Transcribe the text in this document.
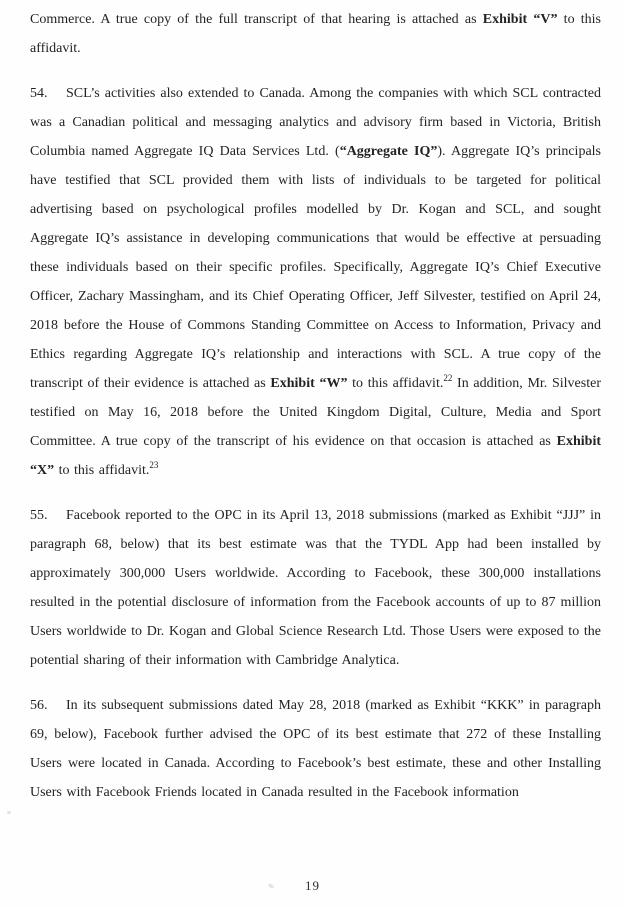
Commerce. A true copy of the full transcript of that hearing is attached as Exhibit “V” to this affidavit.

54. SCL’s activities also extended to Canada. Among the companies with which SCL contracted was a Canadian political and messaging analytics and advisory firm based in Victoria, British Columbia named Aggregate IQ Data Services Ltd. (“Aggregate IQ”). Aggregate IQ’s principals have testified that SCL provided them with lists of individuals to be targeted for political advertising based on psychological profiles modelled by Dr. Kogan and SCL, and sought Aggregate IQ’s assistance in developing communications that would be effective at persuading these individuals based on their specific profiles. Specifically, Aggregate IQ’s Chief Executive Officer, Zachary Massingham, and its Chief Operating Officer, Jeff Silvester, testified on April 24, 2018 before the House of Commons Standing Committee on Access to Information, Privacy and Ethics regarding Aggregate IQ’s relationship and interactions with SCL. A true copy of the transcript of their evidence is attached as Exhibit “W” to this affidavit.$^{22}$ In addition, Mr. Silvester testified on May 16, 2018 before the United Kingdom Digital, Culture, Media and Sport Committee. A true copy of the transcript of his evidence on that occasion is attached as Exhibit “X” to this affidavit.$^{23}$

55. Facebook reported to the OPC in its April 13, 2018 submissions (marked as Exhibit “JJJ” in paragraph 68, below) that its best estimate was that the TYDL App had been installed by approximately 300,000 Users worldwide. According to Facebook, these 300,000 installations resulted in the potential disclosure of information from the Facebook accounts of up to 87 million Users worldwide to Dr. Kogan and Global Science Research Ltd. Those Users were exposed to the potential sharing of their information with Cambridge Analytica.

56. In its subsequent submissions dated May 28, 2018 (marked as Exhibit “KKK” in paragraph 69, below), Facebook further advised the OPC of its best estimate that 272 of these Installing Users were located in Canada. According to Facebook’s best estimate, these and other Installing Users with Facebook Friends located in Canada resulted in the Facebook information

19
